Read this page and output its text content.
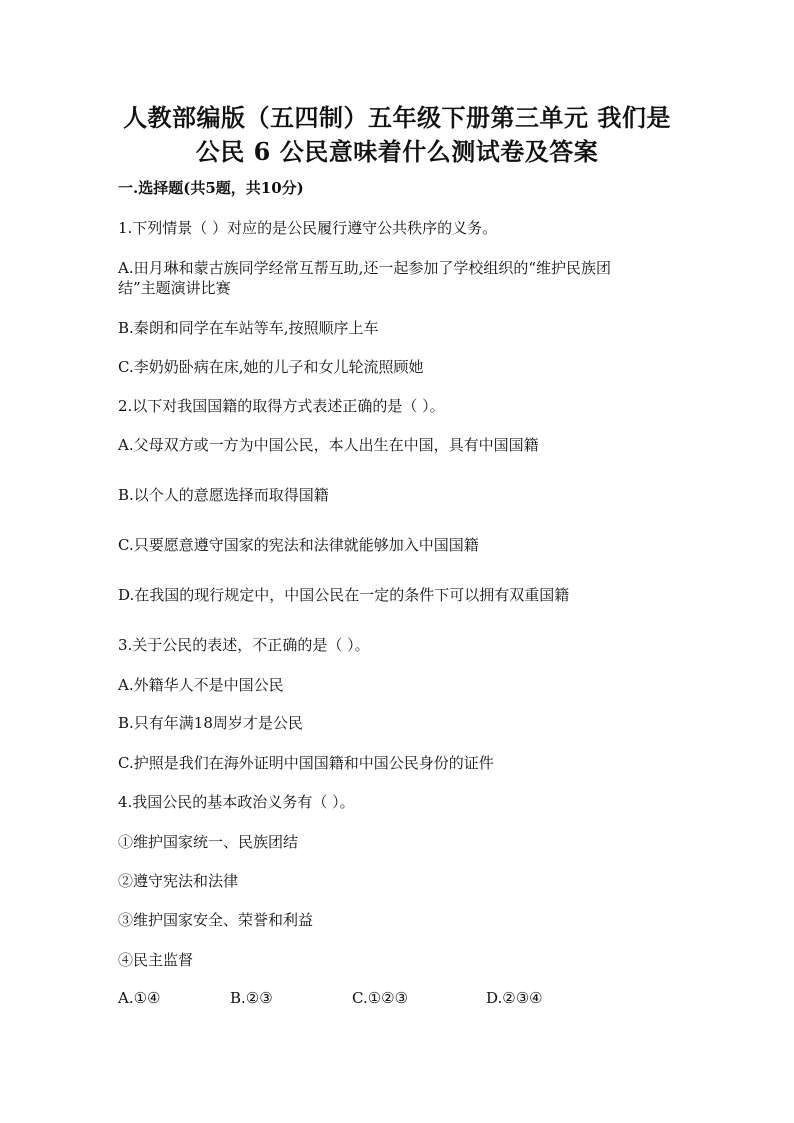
人教部编版（五四制）五年级下册第三单元 我们是
公民 6 公民意味着什么测试卷及答案
一.选择题(共5题，共10分)
1.下列情景（ ）对应的是公民履行遵守公共秩序的义务。
A.田月琳和蒙古族同学经常互帮互助,还一起参加了学校组织的“维护民族团
结”主题演讲比赛
B.秦朗和同学在车站等车,按照顺序上车
C.李奶奶卧病在床,她的儿子和女儿轮流照顾她
2.以下对我国国籍的取得方式表述正确的是（ ）。
A.父母双方或一方为中国公民，本人出生在中国，具有中国国籍
B.以个人的意愿选择而取得国籍
C.只要愿意遵守国家的宪法和法律就能够加入中国国籍
D.在我国的现行规定中，中国公民在一定的条件下可以拥有双重国籍
3.关于公民的表述，不正确的是（ ）。
A.外籍华人不是中国公民
B.只有年满18周岁才是公民
C.护照是我们在海外证明中国国籍和中国公民身份的证件
4.我国公民的基本政治义务有（ ）。
①维护国家统一、民族团结
②遵守宪法和法律
③维护国家安全、荣誉和利益
④民主监督
A.①④	B.②③	C.①②③	D.②③④
